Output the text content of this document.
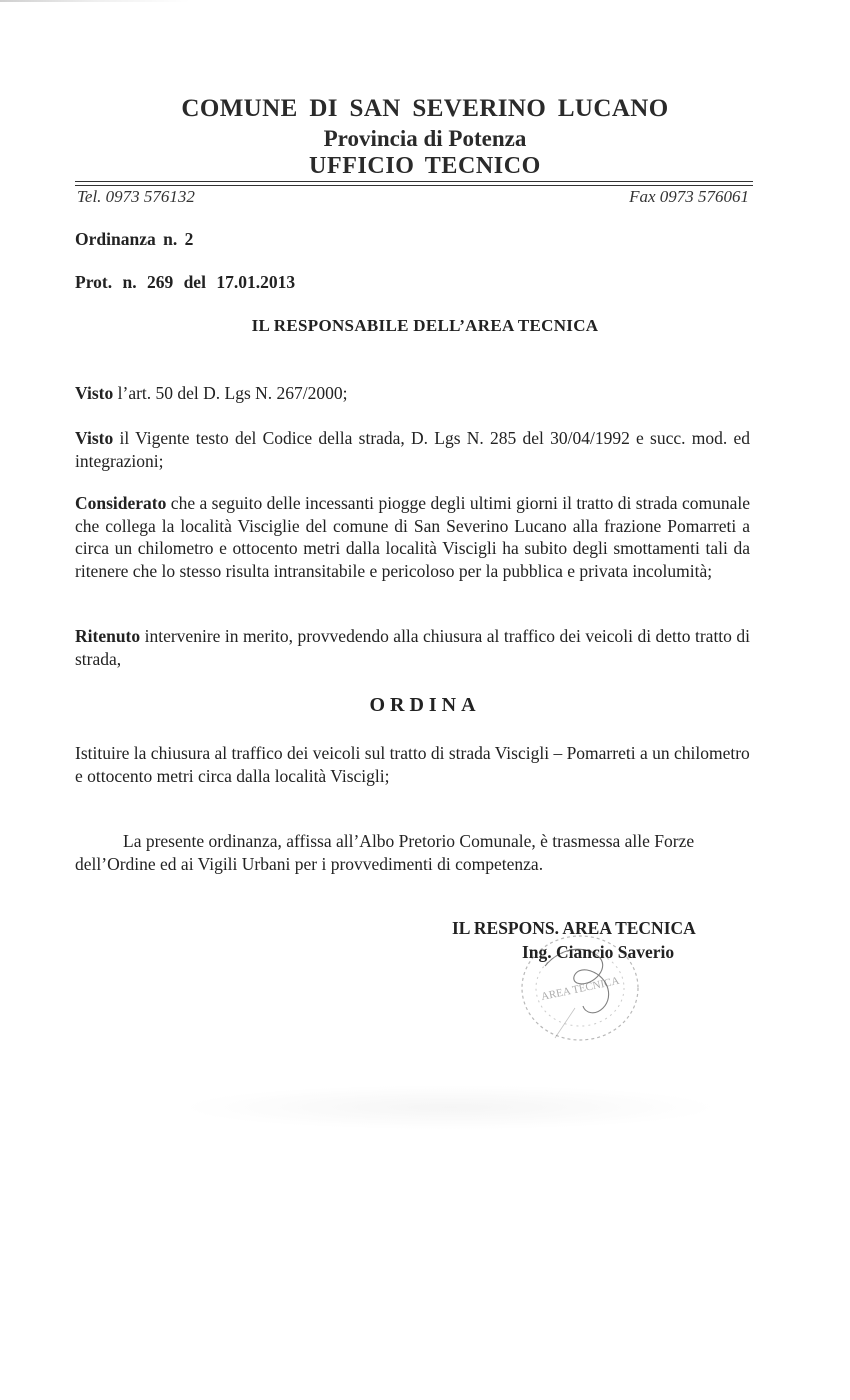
COMUNE DI SAN SEVERINO LUCANO
Provincia di Potenza
UFFICIO TECNICO
Tel. 0973 576132	Fax 0973 576061
Ordinanza n. 2
Prot. n. 269 del 17.01.2013
IL RESPONSABILE DELL’AREA TECNICA

Visto l’art. 50 del D. Lgs N. 267/2000;

Visto il Vigente testo del Codice della strada, D. Lgs N. 285 del 30/04/1992 e succ. mod. ed integrazioni;

Considerato che a seguito delle incessanti piogge degli ultimi giorni il tratto di strada comunale che collega la località Visciglie del comune di San Severino Lucano alla frazione Pomarreti a circa un chilometro e ottocento metri dalla località Viscigli ha subito degli smottamenti tali da ritenere che lo stesso risulta intransitabile e pericoloso per la pubblica e privata incolumità;

Ritenuto intervenire in merito, provvedendo alla chiusura al traffico dei veicoli di detto tratto di strada,

ORDINA

Istituire la chiusura al traffico dei veicoli sul tratto di strada Viscigli – Pomarreti a un chilometro e ottocento metri circa dalla località Viscigli;

La presente ordinanza, affissa all’Albo Pretorio Comunale, è trasmessa alle Forze dell’Ordine ed ai Vigili Urbani per i provvedimenti di competenza.

AREA TECNICA
IL RESPONS. AREA TECNICA
Ing. Ciancio Saverio
